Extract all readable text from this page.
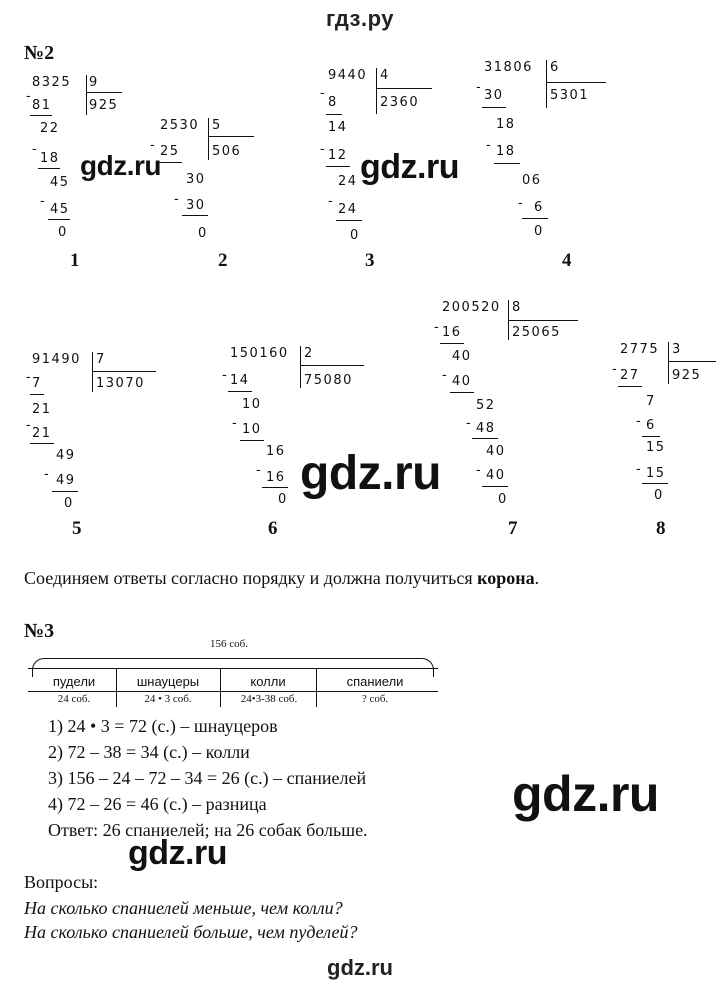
гдз.ру
№2
8325 9
-
81	925
22
-
18
45
-
45
0
1
2530 5
- 25 506
30
- 30
0
2
9440 4
-
8	2360
14
- 12
24
-
24
0
3
31806 6
-
30	5301
18
- 18
06
- 6
0
4
91490 7
- 7	13070
21
-
21
49
- 49
0
5
150160 2
- 14	75080
10
- 10
16
- 16
0
6
200520 8
- 16	25065
40
- 40
52
- 48
40
- 40
0
7
2775 3
- 27 925
7
- 6
15
- 15
0
8
Соединяем ответы согласно порядку и должна получиться корона.
№3
156 соб.
пудели	шнауцеры	колли	спаниели
24 соб.	24 • 3 соб.	24•3-38 соб.	? соб.
1) 24 • 3 = 72 (с.) – шнауцеров
2) 72 – 38 = 34 (с.) – колли
3) 156 – 24 – 72 – 34 = 26 (с.) – спаниелей
4) 72 – 26 = 46 (с.) – разница
Ответ: 26 спаниелей; на 26 собак больше.
Вопросы:
На сколько спаниелей меньше, чем колли?
На сколько спаниелей больше, чем пуделей?
gdz.ru	gdz.ru
gdz.ru
gdz.ru
gdz.ru
gdz.ru
